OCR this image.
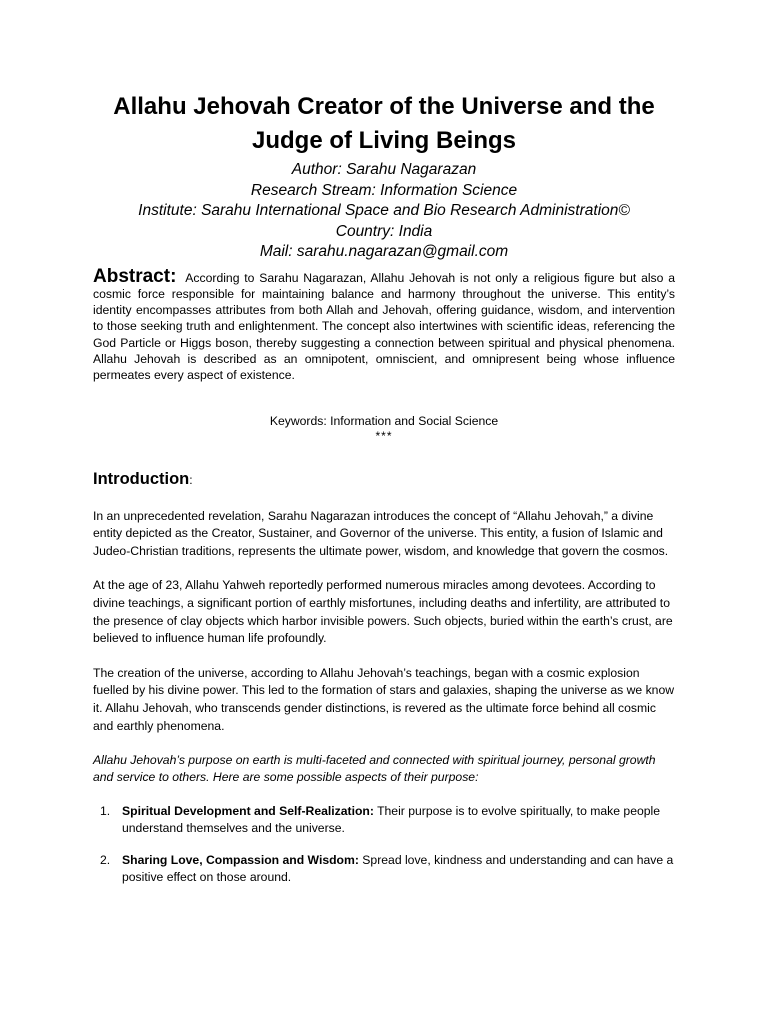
Allahu Jehovah Creator of the Universe and the Judge of Living Beings
Author: Sarahu Nagarazan
Research Stream: Information Science
Institute: Sarahu International Space and Bio Research Administration©
Country: India
Mail: sarahu.nagarazan@gmail.com
Abstract: According to Sarahu Nagarazan, Allahu Jehovah is not only a religious figure but also a cosmic force responsible for maintaining balance and harmony throughout the universe. This entity’s identity encompasses attributes from both Allah and Jehovah, offering guidance, wisdom, and intervention to those seeking truth and enlightenment. The concept also intertwines with scientific ideas, referencing the God Particle or Higgs boson, thereby suggesting a connection between spiritual and physical phenomena. Allahu Jehovah is described as an omnipotent, omniscient, and omnipresent being whose influence permeates every aspect of existence.
Keywords: Information and Social Science
***
Introduction:

In an unprecedented revelation, Sarahu Nagarazan introduces the concept of “Allahu Jehovah,” a divine entity depicted as the Creator, Sustainer, and Governor of the universe. This entity, a fusion of Islamic and Judeo-Christian traditions, represents the ultimate power, wisdom, and knowledge that govern the cosmos.

At the age of 23, Allahu Yahweh reportedly performed numerous miracles among devotees. According to divine teachings, a significant portion of earthly misfortunes, including deaths and infertility, are attributed to the presence of clay objects which harbor invisible powers. Such objects, buried within the earth’s crust, are believed to influence human life profoundly.

The creation of the universe, according to Allahu Jehovah’s teachings, began with a cosmic explosion fuelled by his divine power. This led to the formation of stars and galaxies, shaping the universe as we know it. Allahu Jehovah, who transcends gender distinctions, is revered as the ultimate force behind all cosmic and earthly phenomena.

Allahu Jehovah’s purpose on earth is multi-faceted and connected with spiritual journey, personal growth and service to others. Here are some possible aspects of their purpose:

1. Spiritual Development and Self-Realization: Their purpose is to evolve spiritually, to make people understand themselves and the universe.
2. Sharing Love, Compassion and Wisdom: Spread love, kindness and understanding and can have a positive effect on those around.
